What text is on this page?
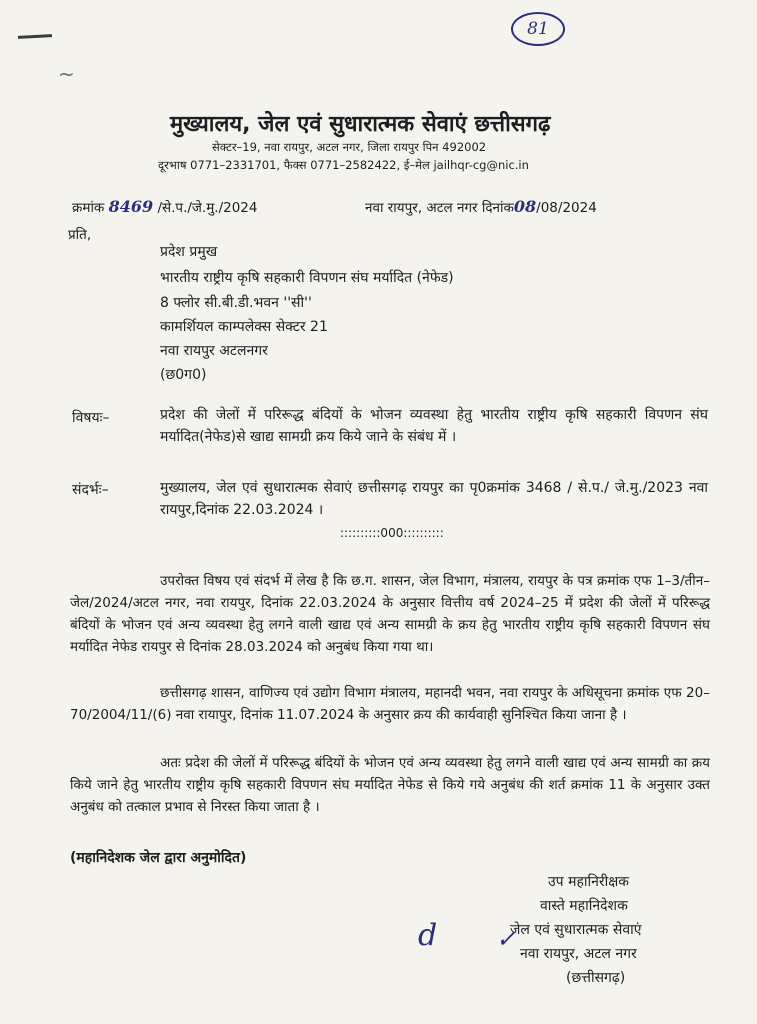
~
81
मुख्यालय, जेल एवं सुधारात्मक सेवाएं छत्तीसगढ़
सेक्टर–19, नवा रायपुर, अटल नगर, जिला रायपुर पिन 492002
दूरभाष 0771–2331701, फैक्स 0771–2582422, ई–मेल jailhqr-cg@nic.in
क्रमांक 8469 /से.प./जे.मु./2024	नवा रायपुर, अटल नगर दिनांक08/08/2024
प्रति,
प्रदेश प्रमुख
भारतीय राष्ट्रीय कृषि सहकारी विपणन संघ मर्यादित (नेफेड)
8 फ्लोर सी.बी.डी.भवन ''सी''
कामर्शियल काम्पलेक्स सेक्टर 21
नवा रायपुर अटलनगर
(छ0ग0)
विषयः–	प्रदेश की जेलों में परिरूद्ध बंदियों के भोजन व्यवस्था हेतु भारतीय राष्ट्रीय कृषि सहकारी विपणन संघ मर्यादित(नेफेड)से खाद्य सामग्री क्रय किये जाने के संबंध में ।
संदर्भः–	मुख्यालय, जेल एवं सुधारात्मक सेवाएं छत्तीसगढ़ रायपुर का पृ0क्रमांक 3468 / से.प./ जे.मु./2023 नवा रायपुर,दिनांक 22.03.2024 ।
::::::::::000::::::::::
उपरोक्त विषय एवं संदर्भ में लेख है कि छ.ग. शासन, जेल विभाग, मंत्रालय, रायपुर के पत्र क्रमांक एफ 1–3/तीन–जेल/2024/अटल नगर, नवा रायपुर, दिनांक 22.03.2024 के अनुसार वित्तीय वर्ष 2024–25 में प्रदेश की जेलों में परिरूद्ध बंदियों के भोजन एवं अन्य व्यवस्था हेतु लगने वाली खाद्य एवं अन्य सामग्री के क्रय हेतु भारतीय राष्ट्रीय कृषि सहकारी विपणन संघ मर्यादित नेफेड रायपुर से दिनांक 28.03.2024 को अनुबंध किया गया था।
छत्तीसगढ़ शासन, वाणिज्य एवं उद्योग विभाग मंत्रालय, महानदी भवन, नवा रायपुर के अधिसूचना क्रमांक एफ 20–70/2004/11/(6) नवा रायापुर, दिनांक 11.07.2024 के अनुसार क्रय की कार्यवाही सुनिश्चित किया जाना है ।
अतः प्रदेश की जेलों में परिरूद्ध बंदियों के भोजन एवं अन्य व्यवस्था हेतु लगने वाली खाद्य एवं अन्य सामग्री का क्रय किये जाने हेतु भारतीय राष्ट्रीय कृषि सहकारी विपणन संघ मर्यादित नेफेड से किये गये अनुबंध की शर्त क्रमांक 11 के अनुसार उक्त अनुबंध को तत्काल प्रभाव से निरस्त किया जाता है ।
(महानिदेशक जेल द्वारा अनुमोदित)
उप महानिरीक्षक
वास्ते महानिदेशक
जेल एवं सुधारात्मक सेवाएं
नवा रायपुर, अटल नगर
(छत्तीसगढ़)
d ✓
